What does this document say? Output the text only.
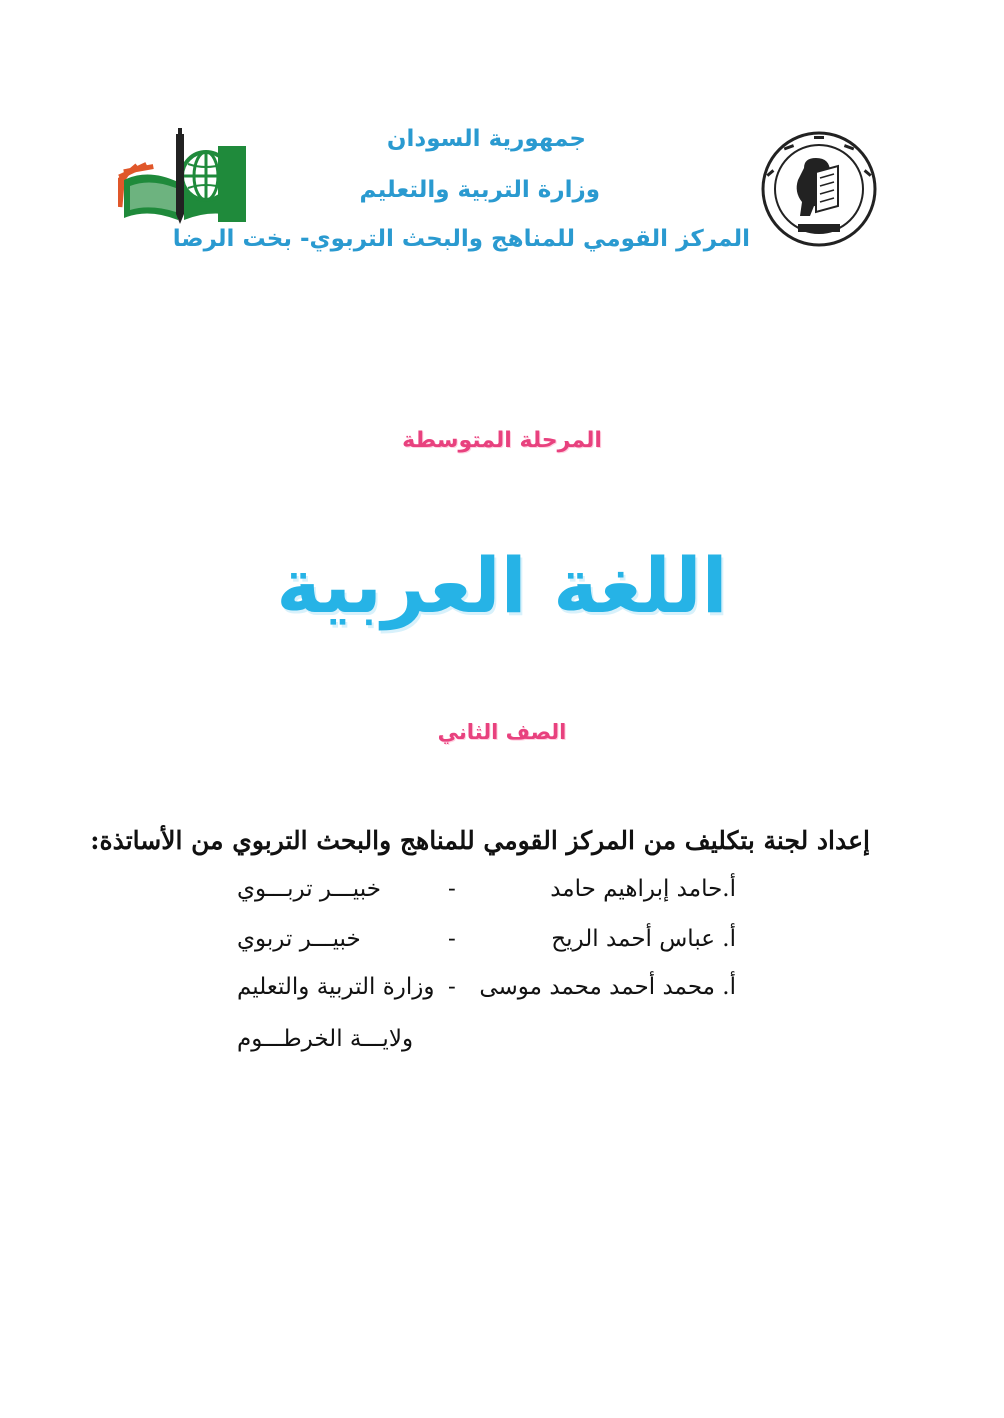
جمهورية السودان
وزارة التربية والتعليم
المركز القومي للمناهج والبحث التربوي- بخت الرضا
المرحلة المتوسطة
اللغة العربية
الصف الثاني
إعداد لجنة بتكليف من المركز القومي للمناهج والبحث التربوي من الأساتذة:
أ.حامد إبراهيم حامد
-
خبيـــر تربـــوي
أ. عباس أحمد الريح
-
خبيـــر تربوي
أ. محمد أحمد محمد موسى
-
وزارة التربية والتعليم
ولايـــة الخرطـــوم
